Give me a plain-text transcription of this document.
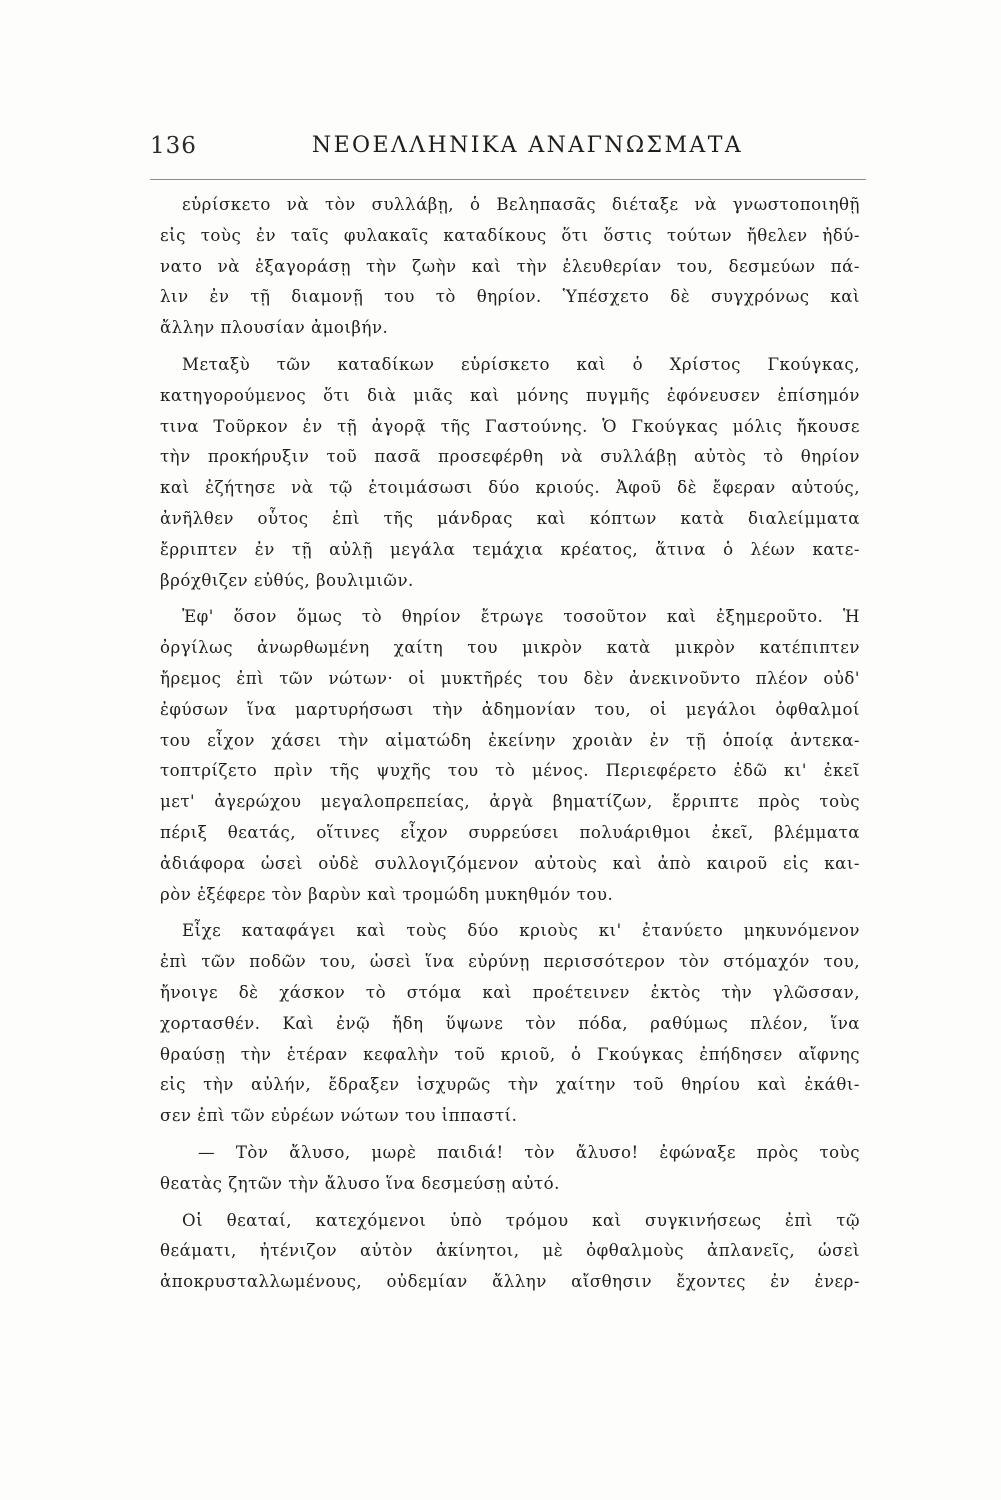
136	ΝΕΟΕΛΛΗΝΙΚΑ ΑΝΑΓΝΩΣΜΑΤΑ
εὑρίσκετο νὰ τὸν συλλάβῃ, ὁ Βεληπασᾶς διέταξε νὰ γνωστοποιηθῇ
εἰς τοὺς ἐν ταῖς φυλακαῖς καταδίκους ὅτι ὅστις τούτων ἤθελεν ἠδύ-
νατο νὰ ἐξαγοράσῃ τὴν ζωὴν καὶ τὴν ἐλευθερίαν του, δεσμεύων πά-
λιν ἐν τῇ διαμονῇ του τὸ θηρίον. Ὑπέσχετο δὲ συγχρόνως καὶ
ἄλλην πλουσίαν ἀμοιβήν.
Μεταξὺ τῶν καταδίκων εὑρίσκετο καὶ ὁ Χρίστος Γκούγκας,
κατηγορούμενος ὅτι διὰ μιᾶς καὶ μόνης πυγμῆς ἐφόνευσεν ἐπίσημόν
τινα Τοῦρκον ἐν τῇ ἀγορᾷ τῆς Γαστούνης. Ὁ Γκούγκας μόλις ἤκουσε
τὴν προκήρυξιν τοῦ πασᾶ προσεφέρθη νὰ συλλάβῃ αὐτὸς τὸ θηρίον
καὶ ἐζήτησε νὰ τῷ ἑτοιμάσωσι δύο κριούς. Ἀφοῦ δὲ ἔφεραν αὐτούς,
ἀνῆλθεν οὗτος ἐπὶ τῆς μάνδρας καὶ κόπτων κατὰ διαλείμματα
ἔρριπτεν ἐν τῇ αὐλῇ μεγάλα τεμάχια κρέατος, ἅτινα ὁ λέων κατε-
βρόχθιζεν εὐθύς, βουλιμιῶν.
Ἐφ' ὅσον ὅμως τὸ θηρίον ἔτρωγε τοσοῦτον καὶ ἐξημεροῦτο. Ἡ
ὀργίλως ἀνωρθωμένη χαίτη του μικρὸν κατὰ μικρὸν κατέπιπτεν
ἤρεμος ἐπὶ τῶν νώτων· οἱ μυκτῆρές του δὲν ἀνεκινοῦντο πλέον οὐδ'
ἐφύσων ἵνα μαρτυρήσωσι τὴν ἀδημονίαν του, οἱ μεγάλοι ὀφθαλμοί
του εἶχον χάσει τὴν αἱματώδη ἐκείνην χροιὰν ἐν τῇ ὁποίᾳ ἀντεκα-
τοπτρίζετο πρὶν τῆς ψυχῆς του τὸ μένος. Περιεφέρετο ἐδῶ κι' ἐκεῖ
μετ' ἀγερώχου μεγαλοπρεπείας, ἀργὰ βηματίζων, ἔρριπτε πρὸς τοὺς
πέριξ θεατάς, οἵτινες εἶχον συρρεύσει πολυάριθμοι ἐκεῖ, βλέμματα
ἀδιάφορα ὡσεὶ οὐδὲ συλλογιζόμενον αὐτοὺς καὶ ἀπὸ καιροῦ εἰς και-
ρὸν ἐξέφερε τὸν βαρὺν καὶ τρομώδη μυκηθμόν του.
Εἶχε καταφάγει καὶ τοὺς δύο κριοὺς κι' ἐτανύετο μηκυνόμενον
ἐπὶ τῶν ποδῶν του, ὡσεὶ ἵνα εὐρύνῃ περισσότερον τὸν στόμαχόν του,
ἤνοιγε δὲ χάσκον τὸ στόμα καὶ προέτεινεν ἐκτὸς τὴν γλῶσσαν,
χορτασθέν. Καὶ ἐνῷ ἤδη ὕψωνε τὸν πόδα, ραθύμως πλέον, ἵνα
θραύσῃ τὴν ἑτέραν κεφαλὴν τοῦ κριοῦ, ὁ Γκούγκας ἐπήδησεν αἴφνης
εἰς τὴν αὐλήν, ἔδραξεν ἰσχυρῶς τὴν χαίτην τοῦ θηρίου καὶ ἐκάθι-
σεν ἐπὶ τῶν εὐρέων νώτων του ἱππαστί.
— Τὸν ἄλυσο, μωρὲ παιδιά! τὸν ἄλυσο! ἐφώναξε πρὸς τοὺς
θεατὰς ζητῶν τὴν ἄλυσο ἵνα δεσμεύσῃ αὐτό.
Οἱ θεαταί, κατεχόμενοι ὑπὸ τρόμου καὶ συγκινήσεως ἐπὶ τῷ
θεάματι, ἠτένιζον αὐτὸν ἀκίνητοι, μὲ ὀφθαλμοὺς ἀπλανεῖς, ὡσεὶ
ἀποκρυσταλλωμένους, οὐδεμίαν ἄλλην αἴσθησιν ἔχοντες ἐν ἐνερ-
